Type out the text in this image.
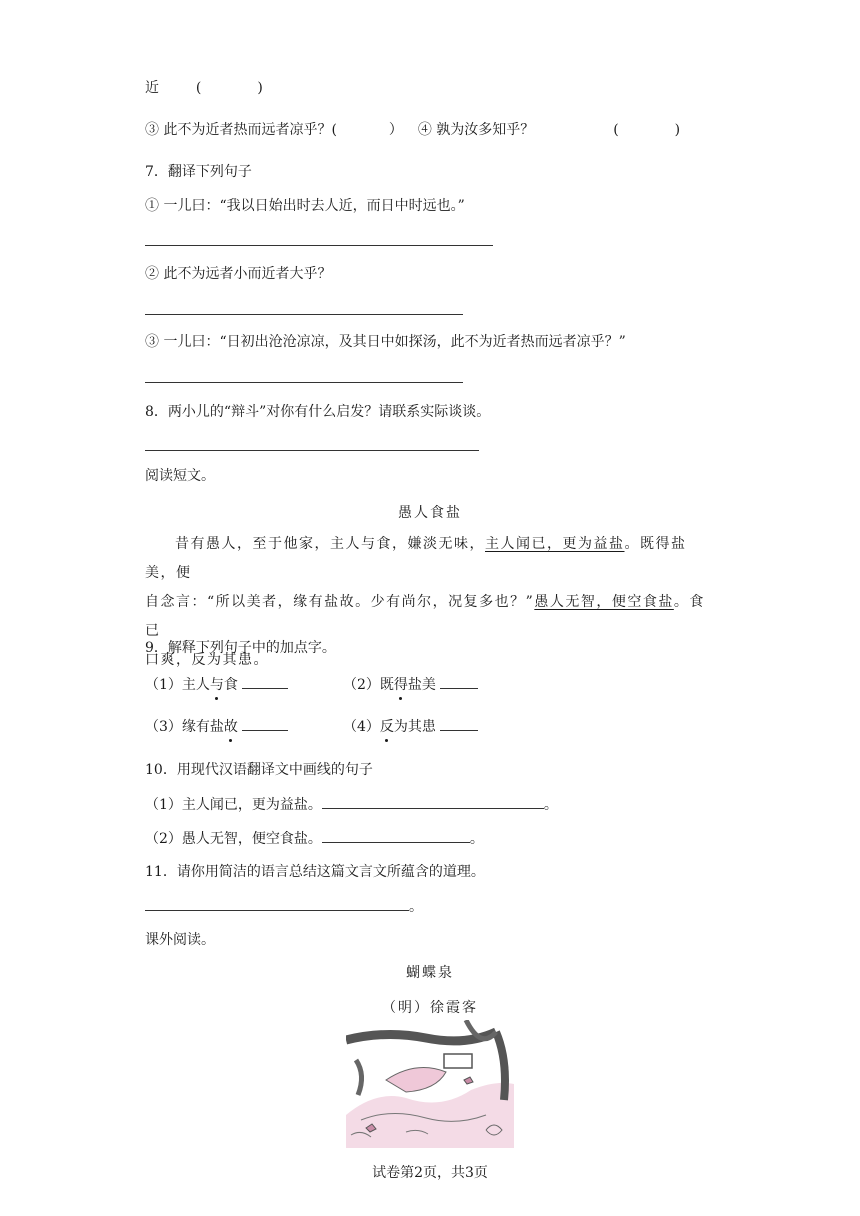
近	(　　　　)
③ 此不为近者热而远者凉乎？(	） ④ 孰为汝多知乎？	(　　　　)
7．翻译下列句子
① 一儿曰：“我以日始出时去人近，而日中时远也。”
② 此不为远者小而近者大乎？
③ 一儿曰：“日初出沧沧凉凉，及其日中如探汤，此不为近者热而远者凉乎？”
8．两小儿的“辩斗”对你有什么启发？请联系实际谈谈。
阅读短文。
愚人食盐
昔有愚人，至于他家，主人与食，嫌淡无味，主人闻已，更为益盐。既得盐美，便
自念言：“所以美者，缘有盐故。少有尚尔，况复多也？”愚人无智，便空食盐。食已
口爽，反为其患。
9．解释下列句子中的加点字。
（1）主人与食	（2）既得盐美
（3）缘有盐故	（4）反为其患
10．用现代汉语翻译文中画线的句子
（1）主人闻已，更为益盐。	。
（2）愚人无智，便空食盐。	。
11．请你用简洁的语言总结这篇文言文所蕴含的道理。
。
课外阅读。
蝴蝶泉
（明）徐霞客
试卷第2页，共3页
